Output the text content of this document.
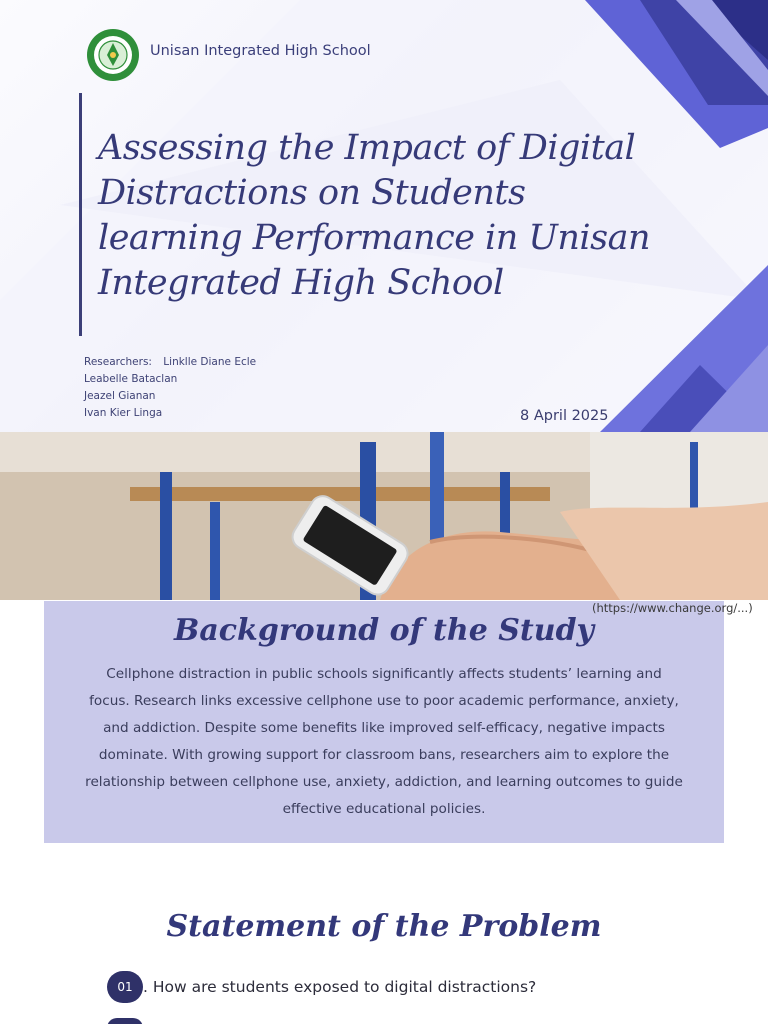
Unisan Integrated High School
Assessing the Impact of Digital Distractions on Students learning Performance in Unisan Integrated High School
Researchers: Linklle Diane Ecle
Leabelle Bataclan
Jeazel Gianan
Ivan Kier Linga	8 April 2025
Background of the Study

Cellphone distraction in public schools significantly affects students’ learning and focus. Research links excessive cellphone use to poor academic performance, anxiety, and addiction. Despite some benefits like improved self-efficacy, negative impacts dominate. With growing support for classroom bans, researchers aim to explore the relationship between cellphone use, anxiety, addiction, and learning outcomes to guide effective educational policies.

(https://www.change.org/...)
Statement of the Problem
01 . How are students exposed to digital distractions?
